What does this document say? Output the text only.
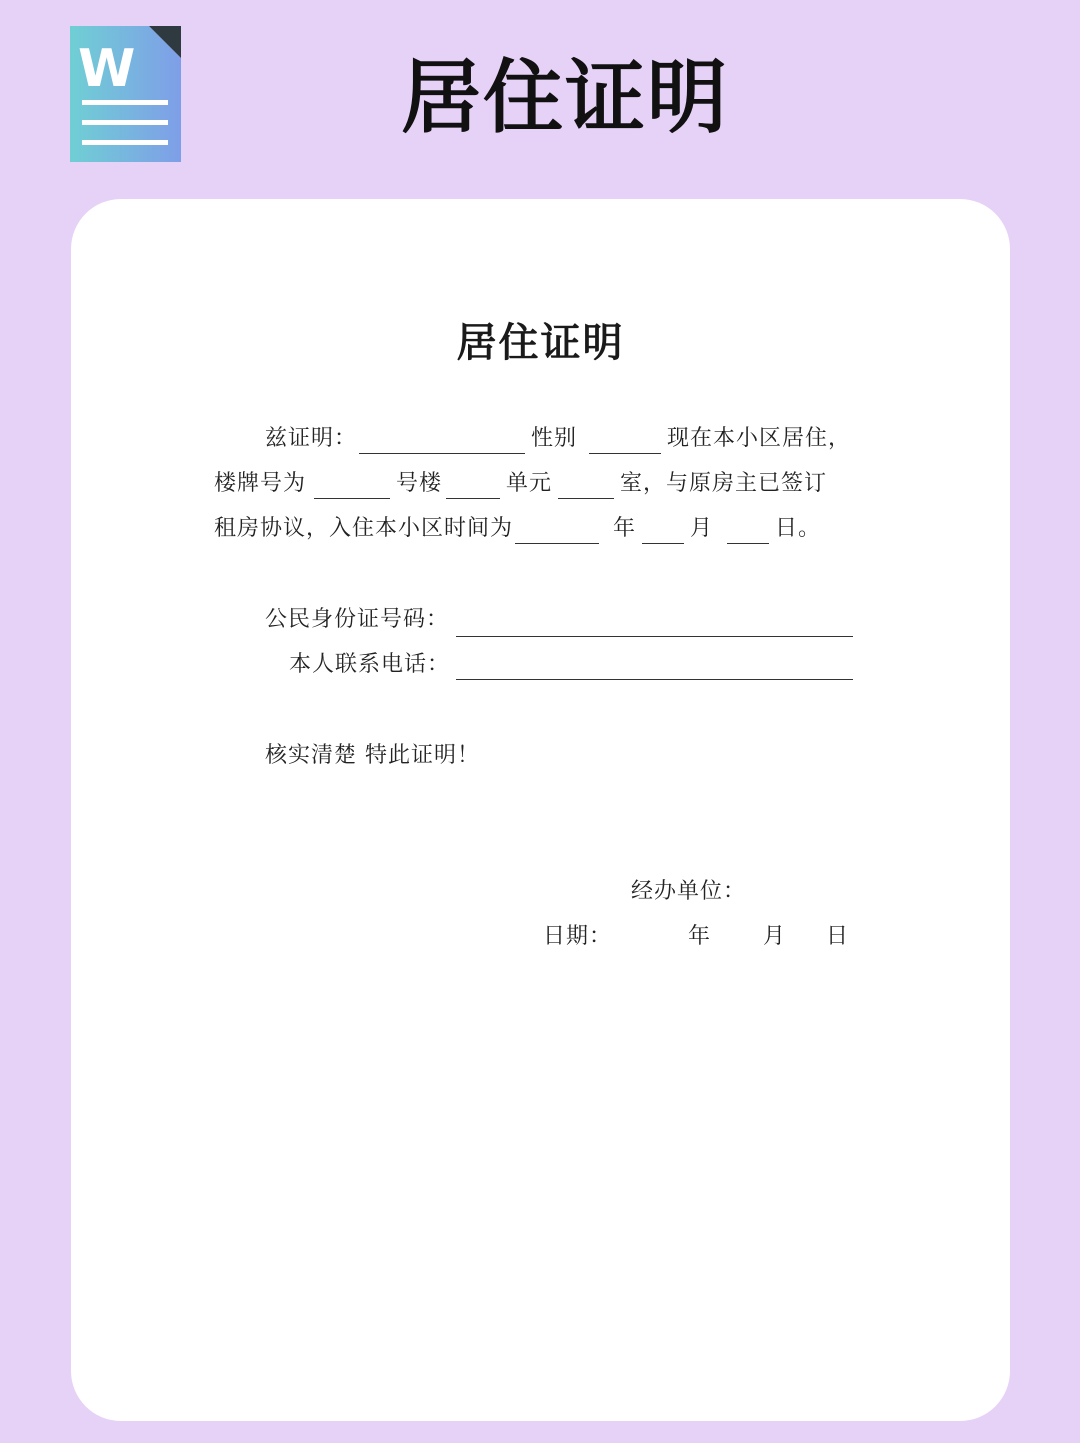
W	居住证明
居住证明
兹证明：	性别	现在本小区居住，
楼牌号为	号楼	单元	室，与原房主已签订
租房协议，入住本小区时间为	年 月	日。
公民身份证号码：
本人联系电话：
核实清楚 特此证明！
经办单位：
日期：	年 月 日
